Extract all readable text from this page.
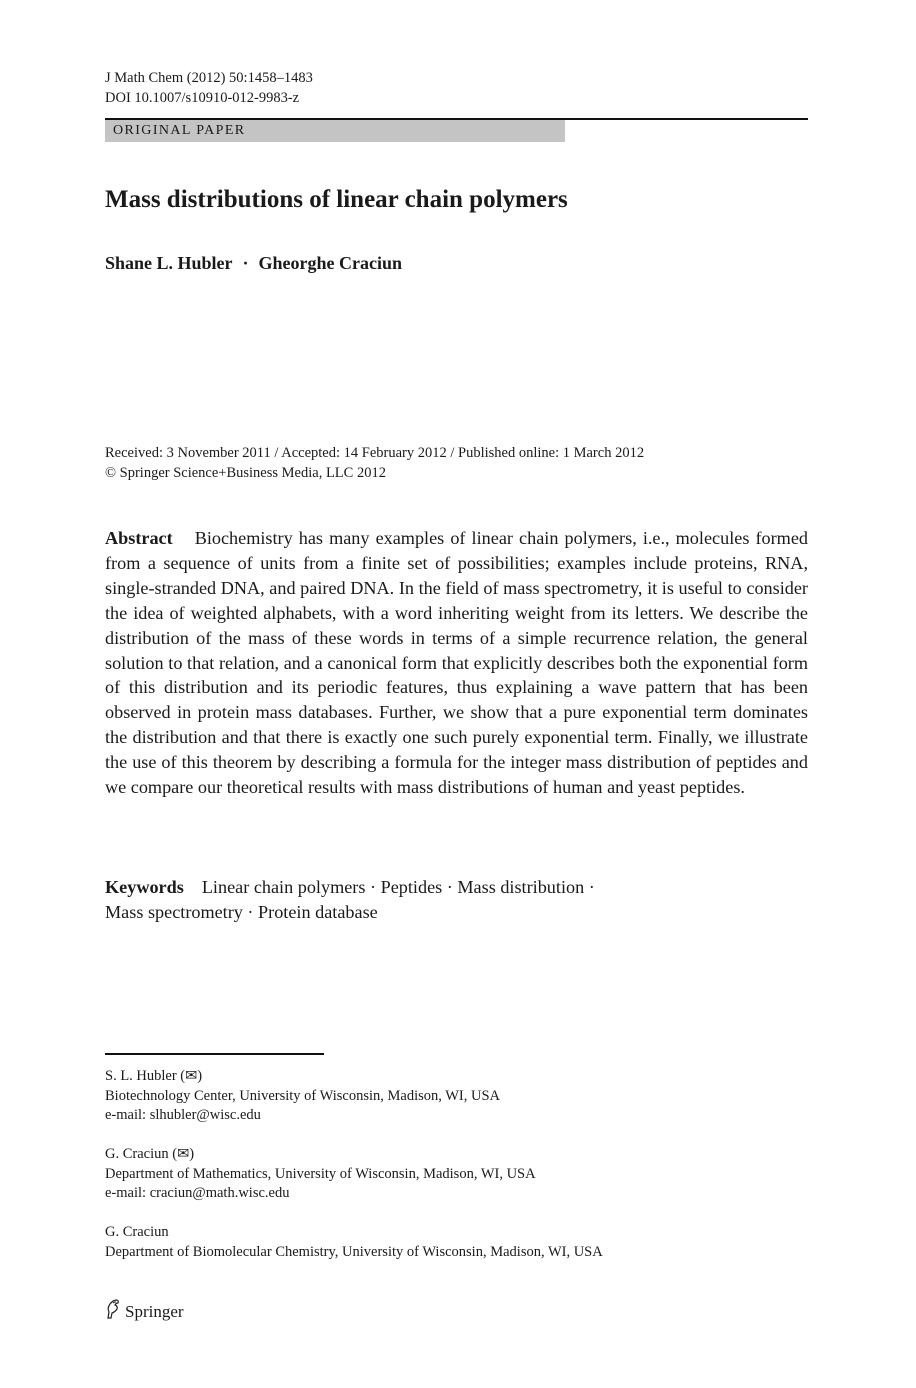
J Math Chem (2012) 50:1458–1483
DOI 10.1007/s10910-012-9983-z
ORIGINAL PAPER
Mass distributions of linear chain polymers
Shane L. Hubler · Gheorghe Craciun
Received: 3 November 2011 / Accepted: 14 February 2012 / Published online: 1 March 2012
© Springer Science+Business Media, LLC 2012
Abstract Biochemistry has many examples of linear chain polymers, i.e., molecules formed from a sequence of units from a finite set of possibilities; examples include proteins, RNA, single-stranded DNA, and paired DNA. In the field of mass spectrometry, it is useful to consider the idea of weighted alphabets, with a word inheriting weight from its letters. We describe the distribution of the mass of these words in terms of a simple recurrence relation, the general solution to that relation, and a canonical form that explicitly describes both the exponential form of this distribution and its periodic features, thus explaining a wave pattern that has been observed in protein mass databases. Further, we show that a pure exponential term dominates the distribution and that there is exactly one such purely exponential term. Finally, we illustrate the use of this theorem by describing a formula for the integer mass distribution of peptides and we compare our theoretical results with mass distributions of human and yeast peptides.
Keywords Linear chain polymers · Peptides · Mass distribution ·
Mass spectrometry · Protein database
S. L. Hubler (✉)
Biotechnology Center, University of Wisconsin, Madison, WI, USA
e-mail: slhubler@wisc.edu
G. Craciun (✉)
Department of Mathematics, University of Wisconsin, Madison, WI, USA
e-mail: craciun@math.wisc.edu
G. Craciun
Department of Biomolecular Chemistry, University of Wisconsin, Madison, WI, USA
Springer
